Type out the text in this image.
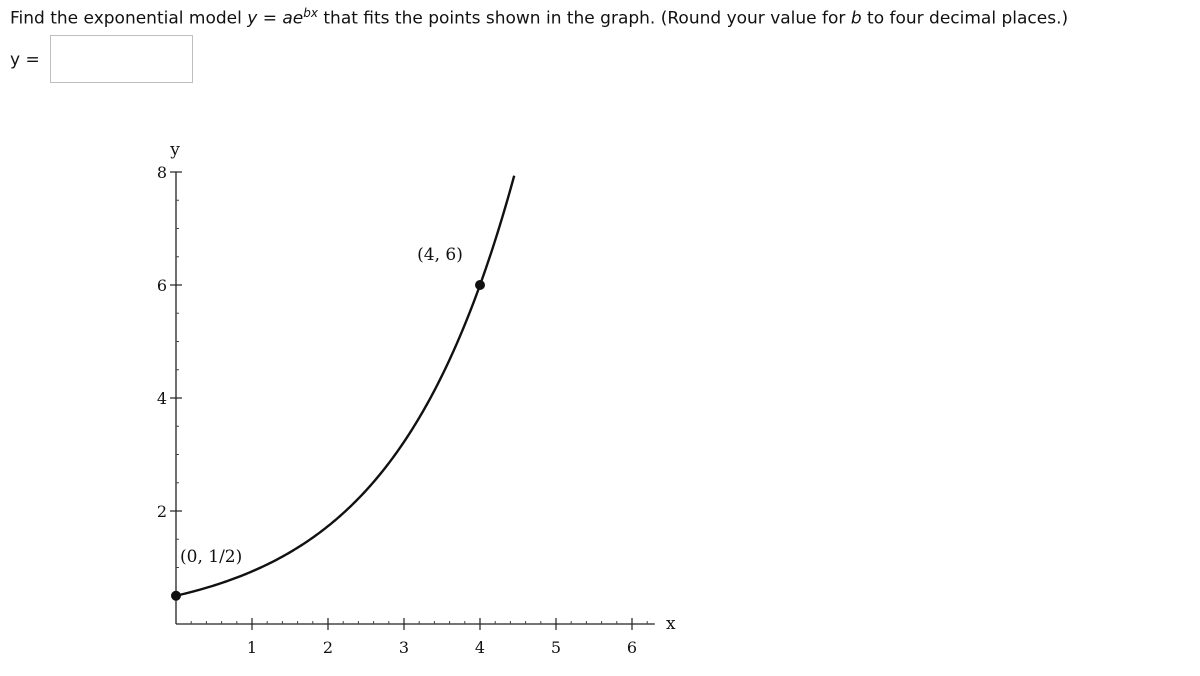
Find the exponential model $y = ae^{bx}$ that fits the points shown in the graph. (Round your value for b to four decimal places.)
y =
1	2	3	4	5	6
2
4
6
8
x
y
(0, 1/2)
(4, 6)
